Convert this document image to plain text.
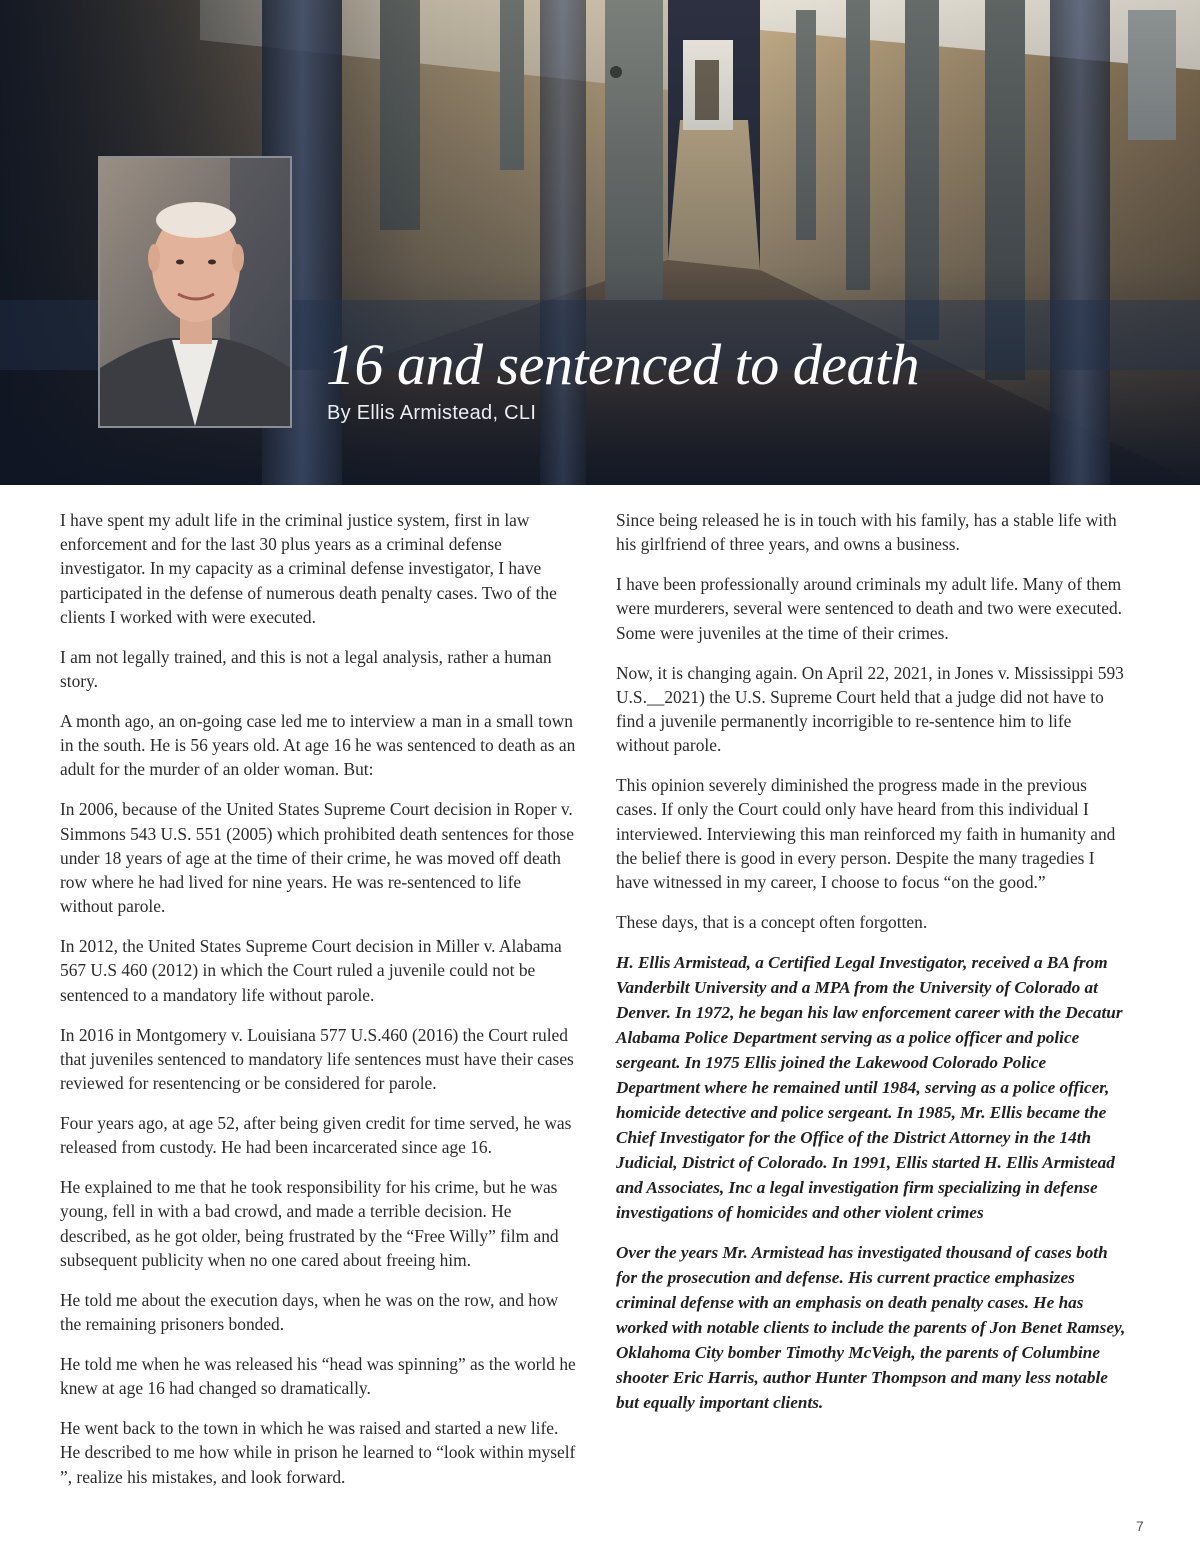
16 and sentenced to death

By Ellis Armistead, CLI

I have spent my adult life in the criminal justice system, first in law enforcement and for the last 30 plus years as a criminal defense investigator. In my capacity as a criminal defense investigator, I have participated in the defense of numerous death penalty cases. Two of the clients I worked with were executed.

I am not legally trained, and this is not a legal analysis, rather a human story.

A month ago, an on-going case led me to interview a man in a small town in the south. He is 56 years old. At age 16 he was sentenced to death as an adult for the murder of an older woman. But:

In 2006, because of the United States Supreme Court decision in Roper v. Simmons 543 U.S. 551 (2005) which prohibited death sentences for those under 18 years of age at the time of their crime, he was moved off death row where he had lived for nine years. He was re-sentenced to life without parole.

In 2012, the United States Supreme Court decision in Miller v. Alabama 567 U.S 460 (2012) in which the Court ruled a juvenile could not be sentenced to a mandatory life without parole.

In 2016 in Montgomery v. Louisiana 577 U.S.460 (2016) the Court ruled that juveniles sentenced to mandatory life sentences must have their cases reviewed for resentencing or be considered for parole.

Four years ago, at age 52, after being given credit for time served, he was released from custody. He had been incarcerated since age 16.

He explained to me that he took responsibility for his crime, but he was young, fell in with a bad crowd, and made a terrible decision. He described, as he got older, being frustrated by the “Free Willy” film and subsequent publicity when no one cared about freeing him.

He told me about the execution days, when he was on the row, and how the remaining prisoners bonded.

He told me when he was released his “head was spinning” as the world he knew at age 16 had changed so dramatically.

He went back to the town in which he was raised and started a new life. He described to me how while in prison he learned to “look within myself ”, realize his mistakes, and look forward.

Since being released he is in touch with his family, has a stable life with his girlfriend of three years, and owns a business.

I have been professionally around criminals my adult life. Many of them were murderers, several were sentenced to death and two were executed. Some were juveniles at the time of their crimes.

Now, it is changing again. On April 22, 2021, in Jones v. Mississippi 593 U.S.__2021) the U.S. Supreme Court held that a judge did not have to find a juvenile permanently incorrigible to re-sentence him to life without parole.

This opinion severely diminished the progress made in the previous cases. If only the Court could only have heard from this individual I interviewed. Interviewing this man reinforced my faith in humanity and the belief there is good in every person. Despite the many tragedies I have witnessed in my career, I choose to focus “on the good.”

These days, that is a concept often forgotten.

H. Ellis Armistead, a Certified Legal Investigator, received a BA from Vanderbilt University and a MPA from the University of Colorado at Denver. In 1972, he began his law enforcement career with the Decatur Alabama Police Department serving as a police officer and police sergeant. In 1975 Ellis joined the Lakewood Colorado Police Department where he remained until 1984, serving as a police officer, homicide detective and police sergeant. In 1985, Mr. Ellis became the Chief Investigator for the Office of the District Attorney in the 14th Judicial, District of Colorado. In 1991, Ellis started H. Ellis Armistead and Associates, Inc a legal investigation firm specializing in defense investigations of homicides and other violent crimes

Over the years Mr. Armistead has investigated thousand of cases both for the prosecution and defense. His current practice emphasizes criminal defense with an emphasis on death penalty cases. He has worked with notable clients to include the parents of Jon Benet Ramsey, Oklahoma City bomber Timothy McVeigh, the parents of Columbine shooter Eric Harris, author Hunter Thompson and many less notable but equally important clients.

7
